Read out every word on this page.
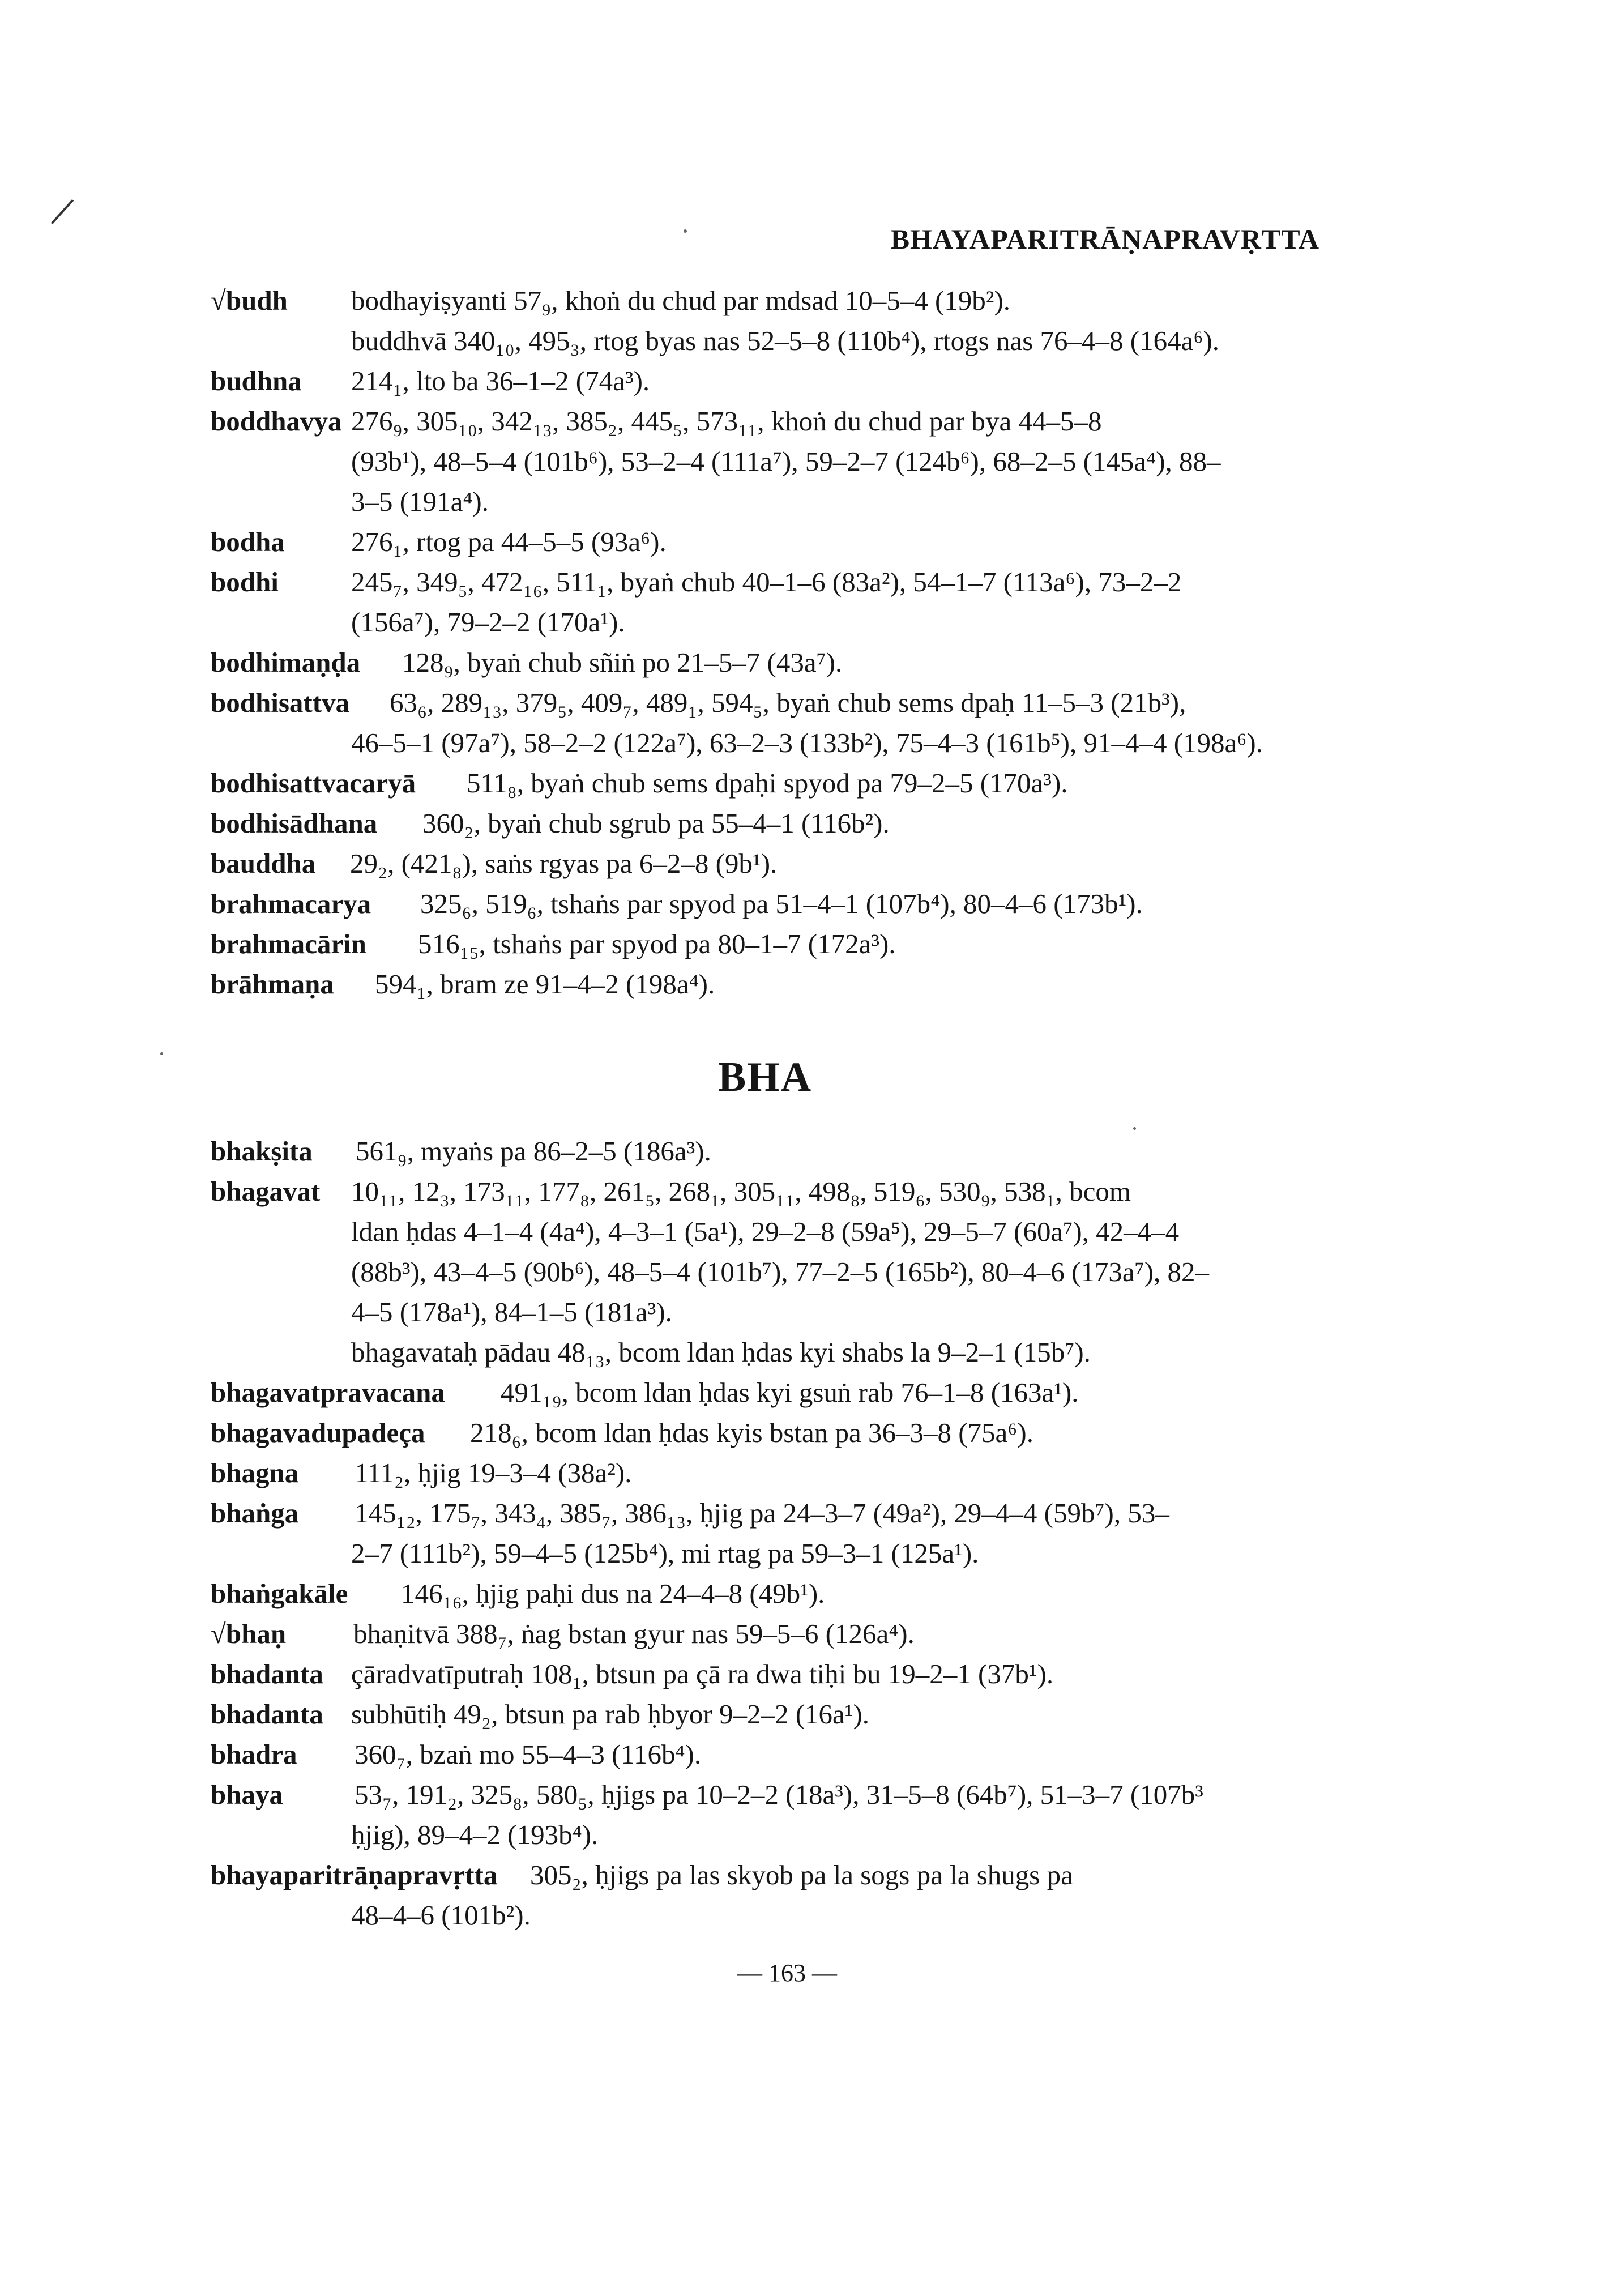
BHAYAPARITRĀṆAPRAVṚTTA
√budh bodhayiṣyanti 57₉, khoṅ du chud par mdsad 10–5–4 (19b²).
buddhvā 340₁₀, 495₃, rtog byas nas 52–5–8 (110b⁴), rtogs nas 76–4–8 (164a⁶).
budhna 214₁, lto ba 36–1–2 (74a³).
boddhavya 276₉, 305₁₀, 342₁₃, 385₂, 445₅, 573₁₁, khoṅ du chud par bya 44–5–8
(93b¹), 48–5–4 (101b⁶), 53–2–4 (111a⁷), 59–2–7 (124b⁶), 68–2–5 (145a⁴), 88–
3–5 (191a⁴).
bodha 276₁, rtog pa 44–5–5 (93a⁶).
bodhi	245₇, 349₅, 472₁₆, 511₁, byaṅ chub 40–1–6 (83a²), 54–1–7 (113a⁶), 73–2–2
(156a⁷), 79–2–2 (170a¹).
bodhimaṇḍa 128₉, byaṅ chub sñiṅ po 21–5–7 (43a⁷).
bodhisattva 63₆, 289₁₃, 379₅, 409₇, 489₁, 594₅, byaṅ chub sems dpaḥ 11–5–3 (21b³),
46–5–1 (97a⁷), 58–2–2 (122a⁷), 63–2–3 (133b²), 75–4–3 (161b⁵), 91–4–4 (198a⁶).
bodhisattvacaryā 511₈, byaṅ chub sems dpaḥi spyod pa 79–2–5 (170a³).
bodhisādhana 360₂, byaṅ chub sgrub pa 55–4–1 (116b²).
bauddha 29₂, (421₈), saṅs rgyas pa 6–2–8 (9b¹).
brahmacarya 325₆, 519₆, tshaṅs par spyod pa 51–4–1 (107b⁴), 80–4–6 (173b¹).
brahmacārin 516₁₅, tshaṅs par spyod pa 80–1–7 (172a³).
brāhmaṇa 594₁, bram ze 91–4–2 (198a⁴).
BHA
bhakṣita 561₉, myaṅs pa 86–2–5 (186a³).
bhagavat 10₁₁, 12₃, 173₁₁, 177₈, 261₅, 268₁, 305₁₁, 498₈, 519₆, 530₉, 538₁, bcom
ldan ḥdas 4–1–4 (4a⁴), 4–3–1 (5a¹), 29–2–8 (59a⁵), 29–5–7 (60a⁷), 42–4–4
(88b³), 43–4–5 (90b⁶), 48–5–4 (101b⁷), 77–2–5 (165b²), 80–4–6 (173a⁷), 82–
4–5 (178a¹), 84–1–5 (181a³).
bhagavataḥ pādau 48₁₃, bcom ldan ḥdas kyi shabs la 9–2–1 (15b⁷).
bhagavatpravacana 491₁₉, bcom ldan ḥdas kyi gsuṅ rab 76–1–8 (163a¹).
bhagavadupadeça 218₆, bcom ldan ḥdas kyis bstan pa 36–3–8 (75a⁶).
bhagna 111₂, ḥjig 19–3–4 (38a²).
bhaṅga 145₁₂, 175₇, 343₄, 385₇, 386₁₃, ḥjig pa 24–3–7 (49a²), 29–4–4 (59b⁷), 53–
2–7 (111b²), 59–4–5 (125b⁴), mi rtag pa 59–3–1 (125a¹).
bhaṅgakāle 146₁₆, ḥjig paḥi dus na 24–4–8 (49b¹).
√bhaṇ bhaṇitvā 388₇, ṅag bstan gyur nas 59–5–6 (126a⁴).
bhadanta çāradvatīputraḥ 108₁, btsun pa çā ra dwa tiḥi bu 19–2–1 (37b¹).
bhadanta subhūtiḥ 49₂, btsun pa rab ḥbyor 9–2–2 (16a¹).
bhadra 360₇, bzaṅ mo 55–4–3 (116b⁴).
bhaya	53₇, 191₂, 325₈, 580₅, ḥjigs pa 10–2–2 (18a³), 31–5–8 (64b⁷), 51–3–7 (107b³
ḥjig), 89–4–2 (193b⁴).
bhayaparitrāṇapravṛtta 305₂, ḥjigs pa las skyob pa la sogs pa la shugs pa
48–4–6 (101b²).
— 163 —
